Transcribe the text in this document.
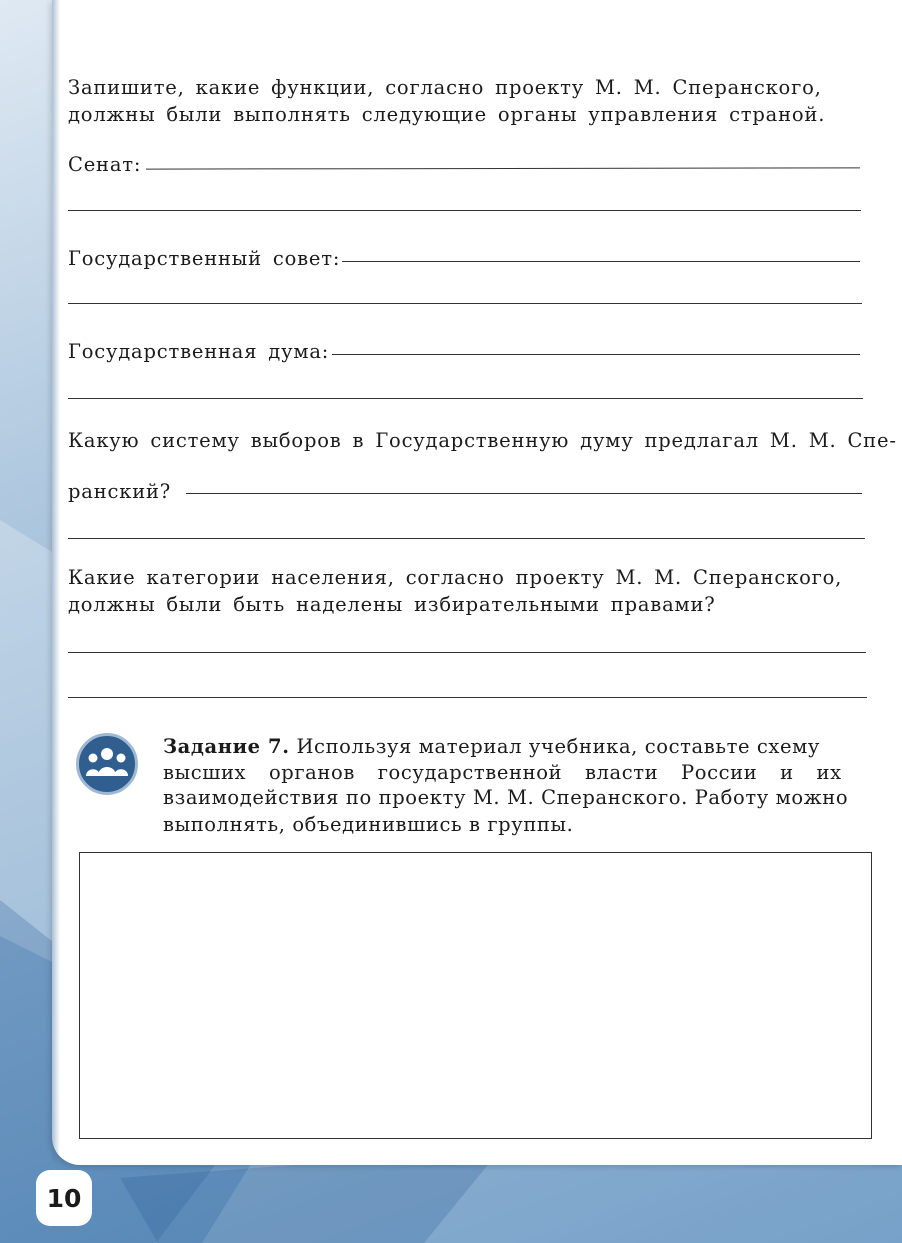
Запишите, какие функции, согласно проекту М. М. Сперанского,
должны были выполнять следующие органы управления страной.
Сенат:
Государственный совет:
Государственная дума:
Какую систему выборов в Государственную думу предлагал М. М. Спе-
ранский?
Какие категории населения, согласно проекту М. М. Сперанского,
должны были быть наделены избирательными правами?
Задание 7. Используя материал учебника, составьте схему
высших органов государственной власти России и их
взаимодействия по проекту М. М. Сперанского. Работу можно
выполнять, объединившись в группы.
10
